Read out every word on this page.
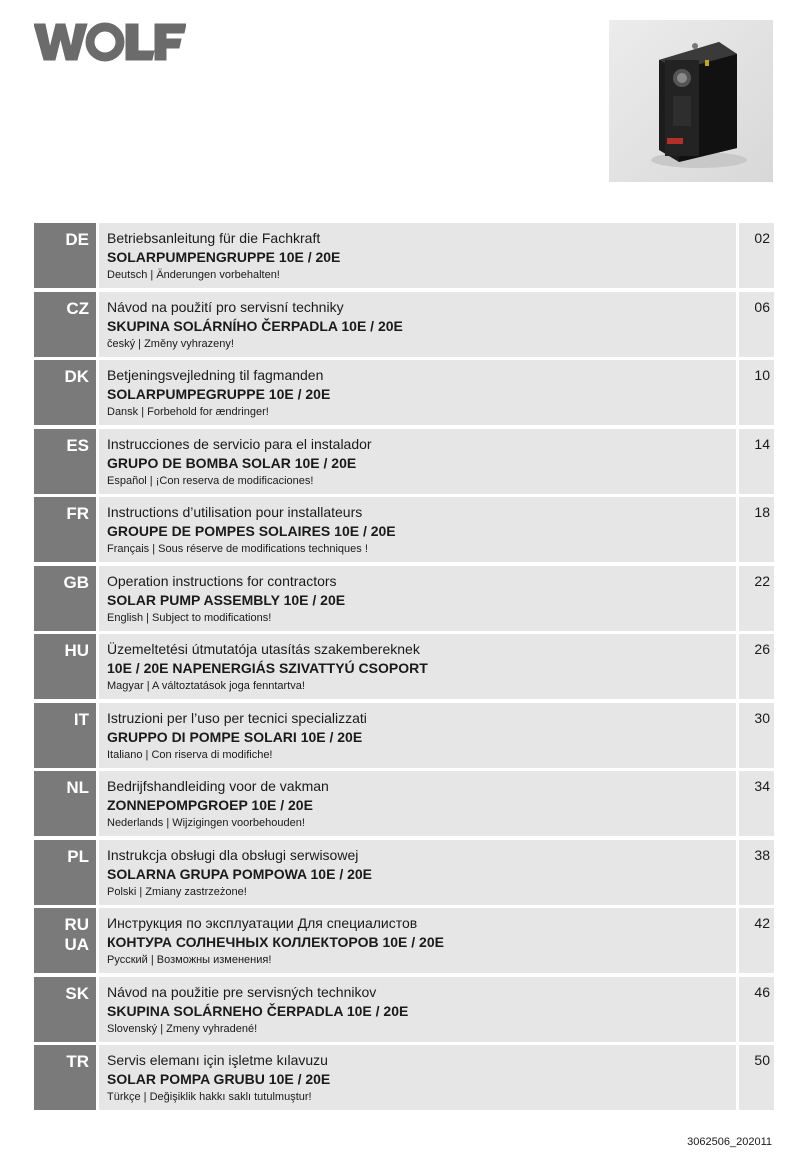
DE	Betriebsanleitung für die Fachkraft
SOLARPUMPENGRUPPE 10E / 20E
Deutsch | Änderungen vorbehalten!
02
CZ	Návod na použití pro servisní techniky
SKUPINA SOLÁRNÍHO ČERPADLA 10E / 20E
český | Změny vyhrazeny!
06
DK	Betjeningsvejledning til fagmanden
SOLARPUMPEGRUPPE 10E / 20E
Dansk | Forbehold for ændringer!
10
ES	Instrucciones de servicio para el instalador
GRUPO DE BOMBA SOLAR 10E / 20E
Español | ¡Con reserva de modificaciones!
14
FR	Instructions d’utilisation pour installateurs
GROUPE DE POMPES SOLAIRES 10E / 20E
Français | Sous réserve de modifications techniques !
18
GB	Operation instructions for contractors
SOLAR PUMP ASSEMBLY 10E / 20E
English | Subject to modifications!
22
HU	Üzemeltetési útmutatója utasítás szakembereknek
10E / 20E NAPENERGIÁS SZIVATTYÚ CSOPORT
Magyar | A változtatások joga fenntartva!
26
IT	Istruzioni per l’uso per tecnici specializzati
GRUPPO DI POMPE SOLARI 10E / 20E
Italiano | Con riserva di modifiche!
30
NL	Bedrijfshandleiding voor de vakman
ZONNEPOMPGROEP 10E / 20E
Nederlands | Wijzigingen voorbehouden!
34
PL	Instrukcja obsługi dla obsługi serwisowej
SOLARNA GRUPA POMPOWA 10E / 20E
Polski | Zmiany zastrzeżone!
38
RU
UA
Инструкция по эксплуатации Для специалистов
КОНТУРА СОЛНЕЧНЫХ КОЛЛЕКТОРОВ 10E / 20E
Русский | Возможны изменения!
42
SK	Návod na použitie pre servisných technikov
SKUPINA SOLÁRNEHO ČERPADLA 10E / 20E
Slovenský | Zmeny vyhradené!
46
TR	Servis elemanı için işletme kılavuzu
SOLAR POMPA GRUBU 10E / 20E
Türkçe | Değişiklik hakkı saklı tutulmuştur!
50
3062506_202011
